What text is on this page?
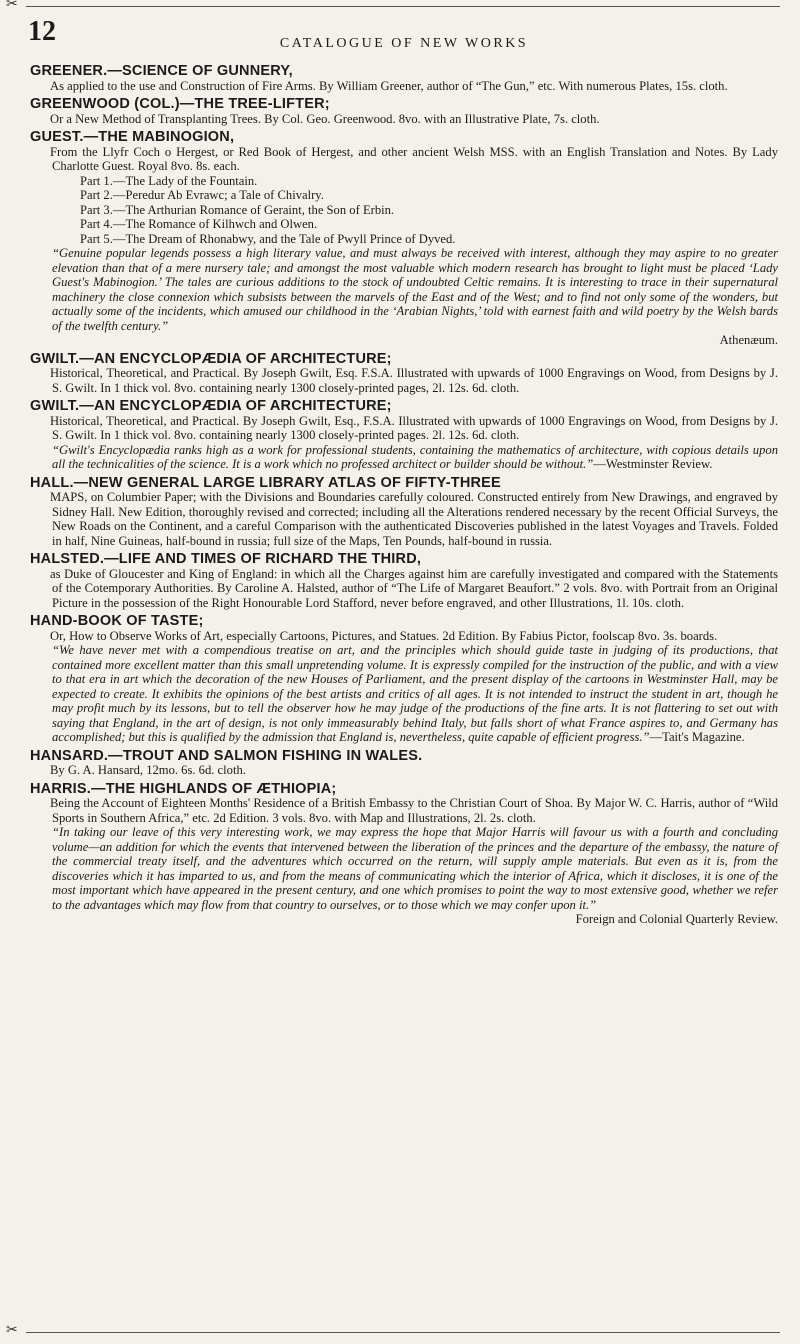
✂
12	CATALOGUE OF NEW WORKS
GREENER.—SCIENCE OF GUNNERY,
As applied to the use and Construction of Fire Arms. By William Greener, author of “The Gun,” etc. With numerous Plates, 15s. cloth.
GREENWOOD (COL.)—THE TREE-LIFTER;
Or a New Method of Transplanting Trees. By Col. Geo. Greenwood. 8vo. with an Illustrative Plate, 7s. cloth.
GUEST.—THE MABINOGION,
From the Llyfr Coch o Hergest, or Red Book of Hergest, and other ancient Welsh MSS. with an English Translation and Notes. By Lady Charlotte Guest. Royal 8vo. 8s. each.
Part 1.—The Lady of the Fountain.
Part 2.—Peredur Ab Evrawc; a Tale of Chivalry.
Part 3.—The Arthurian Romance of Geraint, the Son of Erbin.
Part 4.—The Romance of Kilhwch and Olwen.
Part 5.—The Dream of Rhonabwy, and the Tale of Pwyll Prince of Dyved.
“Genuine popular legends possess a high literary value, and must always be received with interest, although they may aspire to no greater elevation than that of a mere nursery tale; and amongst the most valuable which modern research has brought to light must be placed ‘Lady Guest's Mabinogion.’ The tales are curious additions to the stock of undoubted Celtic remains. It is interesting to trace in their supernatural machinery the close connexion which subsists between the marvels of the East and of the West; and to find not only some of the wonders, but actually some of the incidents, which amused our childhood in the ‘Arabian Nights,’ told with earnest faith and wild poetry by the Welsh bards of the twelfth century.”
Athenæum.
GWILT.—AN ENCYCLOPÆDIA OF ARCHITECTURE;
Historical, Theoretical, and Practical. By Joseph Gwilt, Esq. F.S.A. Illustrated with upwards of 1000 Engravings on Wood, from Designs by J. S. Gwilt. In 1 thick vol. 8vo. containing nearly 1300 closely-printed pages, 2l. 12s. 6d. cloth.
GWILT.—AN ENCYCLOPÆDIA OF ARCHITECTURE;
Historical, Theoretical, and Practical. By Joseph Gwilt, Esq., F.S.A. Illustrated with upwards of 1000 Engravings on Wood, from Designs by J. S. Gwilt. In 1 thick vol. 8vo. containing nearly 1300 closely-printed pages. 2l. 12s. 6d. cloth.
“Gwilt's Encyclopædia ranks high as a work for professional students, containing the mathematics of architecture, with copious details upon all the technicalities of the science. It is a work which no professed architect or builder should be without.”—Westminster Review.
HALL.—NEW GENERAL LARGE LIBRARY ATLAS OF FIFTY-THREE
MAPS, on Columbier Paper; with the Divisions and Boundaries carefully coloured. Constructed entirely from New Drawings, and engraved by Sidney Hall. New Edition, thoroughly revised and corrected; including all the Alterations rendered necessary by the recent Official Surveys, the New Roads on the Continent, and a careful Comparison with the authenticated Discoveries published in the latest Voyages and Travels. Folded in half, Nine Guineas, half-bound in russia; full size of the Maps, Ten Pounds, half-bound in russia.
HALSTED.—LIFE AND TIMES OF RICHARD THE THIRD,
as Duke of Gloucester and King of England: in which all the Charges against him are carefully investigated and compared with the Statements of the Cotemporary Authorities. By Caroline A. Halsted, author of “The Life of Margaret Beaufort.” 2 vols. 8vo. with Portrait from an Original Picture in the possession of the Right Honourable Lord Stafford, never before engraved, and other Illustrations, 1l. 10s. cloth.
HAND-BOOK OF TASTE;
Or, How to Observe Works of Art, especially Cartoons, Pictures, and Statues. 2d Edition. By Fabius Pictor, foolscap 8vo. 3s. boards.
“We have never met with a compendious treatise on art, and the principles which should guide taste in judging of its productions, that contained more excellent matter than this small unpretending volume. It is expressly compiled for the instruction of the public, and with a view to that era in art which the decoration of the new Houses of Parliament, and the present display of the cartoons in Westminster Hall, may be expected to create. It exhibits the opinions of the best artists and critics of all ages. It is not intended to instruct the student in art, though he may profit much by its lessons, but to tell the observer how he may judge of the productions of the fine arts. It is not flattering to set out with saying that England, in the art of design, is not only immeasurably behind Italy, but falls short of what France aspires to, and Germany has accomplished; but this is qualified by the admission that England is, nevertheless, quite capable of efficient progress.”—Tait's Magazine.
HANSARD.—TROUT AND SALMON FISHING IN WALES.
By G. A. Hansard, 12mo. 6s. 6d. cloth.
HARRIS.—THE HIGHLANDS OF ÆTHIOPIA;
Being the Account of Eighteen Months' Residence of a British Embassy to the Christian Court of Shoa. By Major W. C. Harris, author of “Wild Sports in Southern Africa,” etc. 2d Edition. 3 vols. 8vo. with Map and Illustrations, 2l. 2s. cloth.
“In taking our leave of this very interesting work, we may express the hope that Major Harris will favour us with a fourth and concluding volume—an addition for which the events that intervened between the liberation of the princes and the departure of the embassy, the nature of the commercial treaty itself, and the adventures which occurred on the return, will supply ample materials. But even as it is, from the discoveries which it has imparted to us, and from the means of communicating which the interior of Africa, which it discloses, it is one of the most important which have appeared in the present century, and one which promises to point the way to most extensive good, whether we refer to the advantages which may flow from that country to ourselves, or to those which we may confer upon it.”
Foreign and Colonial Quarterly Review.
✂
